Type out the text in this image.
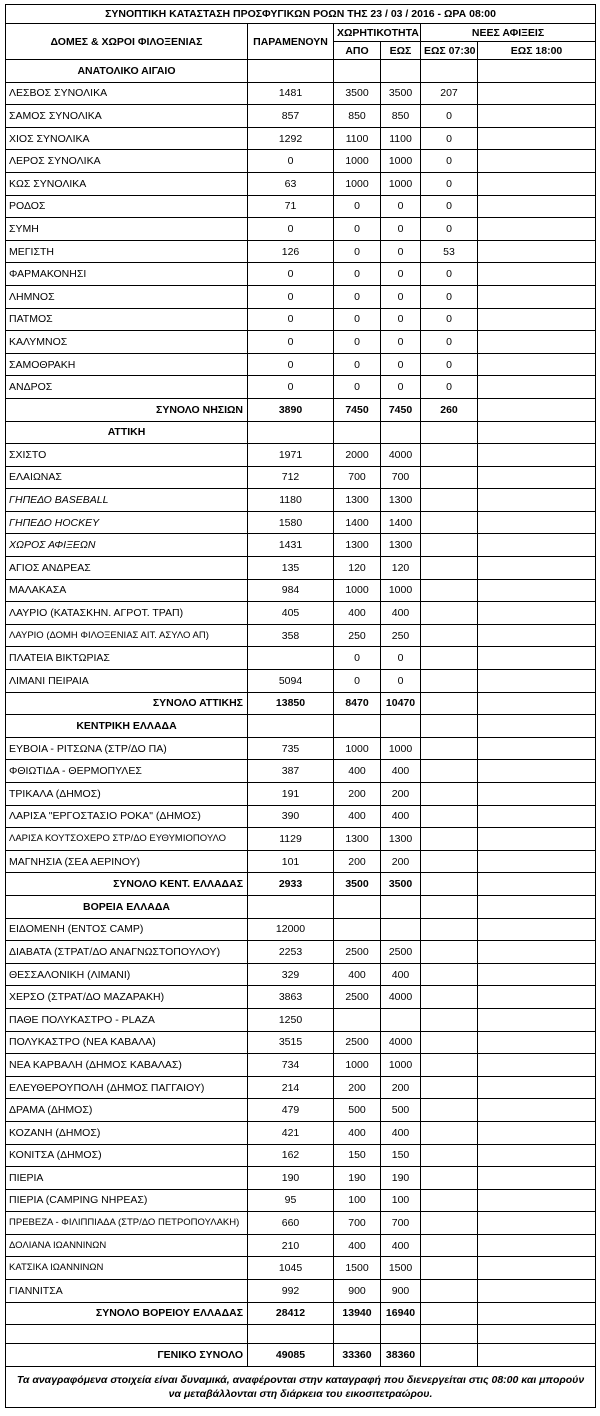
ΣΥΝΟΠΤΙΚΗ ΚΑΤΑΣΤΑΣΗ ΠΡΟΣΦΥΓΙΚΩΝ ΡΟΩΝ ΤΗΣ 23 / 03 / 2016 - ΩΡΑ 08:00					
ΔΟΜΕΣ & ΧΩΡΟΙ ΦΙΛΟΞΕΝΙΑΣ	ΠΑΡΑΜΕΝΟΥΝ	ΧΩΡΗΤΙΚΟΤΗΤΑ		ΝΕΕΣ ΑΦΙΞΕΙΣ	
		ΑΠΟ	ΕΩΣ	ΕΩΣ 07:30	ΕΩΣ 18:00
ΑΝΑΤΟΛΙΚΟ ΑΙΓΑΙΟ					
ΛΕΣΒΟΣ ΣΥΝΟΛΙΚΑ	1481	3500	3500	207	
ΣΑΜΟΣ ΣΥΝΟΛΙΚΑ	857	850	850	0	
ΧΙΟΣ ΣΥΝΟΛΙΚΑ	1292	1100	1100	0	
ΛΕΡΟΣ ΣΥΝΟΛΙΚΑ	0	1000	1000	0	
ΚΩΣ ΣΥΝΟΛΙΚΑ	63	1000	1000	0	
ΡΟΔΟΣ	71	0	0	0	
ΣΥΜΗ	0	0	0	0	
ΜΕΓΙΣΤΗ	126	0	0	53	
ΦΑΡΜΑΚΟΝΗΣΙ	0	0	0	0	
ΛΗΜΝΟΣ	0	0	0	0	
ΠΑΤΜΟΣ	0	0	0	0	
ΚΑΛΥΜΝΟΣ	0	0	0	0	
ΣΑΜΟΘΡΑΚΗ	0	0	0	0	
ΑΝΔΡΟΣ	0	0	0	0	
ΣΥΝΟΛΟ ΝΗΣΙΩΝ	3890	7450	7450	260	
ΑΤΤΙΚΗ					
ΣΧΙΣΤΟ	1971	2000	4000		
ΕΛΑΙΩΝΑΣ	712	700	700		
ΓΗΠΕΔΟ BASEBALL	1180	1300	1300		
ΓΗΠΕΔΟ HOCKEY	1580	1400	1400		
ΧΩΡΟΣ ΑΦΙΞΕΩΝ	1431	1300	1300		
ΑΓΙΟΣ ΑΝΔΡΕΑΣ	135	120	120		
ΜΑΛΑΚΑΣΑ	984	1000	1000		
ΛΑΥΡΙΟ (ΚΑΤΑΣΚΗΝ. ΑΓΡΟΤ. ΤΡΑΠ)	405	400	400		
ΛΑΥΡΙΟ (ΔΟΜΗ ΦΙΛΟΞΕΝΙΑΣ ΑΙΤ. ΑΣΥΛΟ ΑΠ)	358	250	250		
ΠΛΑΤΕΙΑ ΒΙΚΤΩΡΙΑΣ		0	0		
ΛΙΜΑΝΙ ΠΕΙΡΑΙΑ	5094	0	0		
ΣΥΝΟΛΟ ΑΤΤΙΚΗΣ	13850	8470	10470		
ΚΕΝΤΡΙΚΗ ΕΛΛΑΔΑ					
ΕΥΒΟΙΑ - ΡΙΤΣΩΝΑ (ΣΤΡ/ΔΟ ΠΑ)	735	1000	1000		
ΦΘΙΩΤΙΔΑ - ΘΕΡΜΟΠΥΛΕΣ	387	400	400		
ΤΡΙΚΑΛΑ (ΔΗΜΟΣ)	191	200	200		
ΛΑΡΙΣΑ "ΕΡΓΟΣΤΑΣΙΟ ΡΟΚΑ" (ΔΗΜΟΣ)	390	400	400		
ΛΑΡΙΣΑ ΚΟΥΤΣΟΧΕΡΟ ΣΤΡ/ΔΟ ΕΥΘΥΜΙΟΠΟΥΛΟ	1129	1300	1300		
ΜΑΓΝΗΣΙΑ (ΣΕΑ ΑΕΡΙΝΟΥ)	101	200	200		
ΣΥΝΟΛΟ ΚΕΝΤ. ΕΛΛΑΔΑΣ	2933	3500	3500		
ΒΟΡΕΙΑ ΕΛΛΑΔΑ					
ΕΙΔΟΜΕΝΗ (ΕΝΤΟΣ CAMP)	12000				
ΔΙΑΒΑΤΑ (ΣΤΡΑΤ/ΔΟ ΑΝΑΓΝΩΣΤΟΠΟΥΛΟΥ)	2253	2500	2500		
ΘΕΣΣΑΛΟΝΙΚΗ (ΛΙΜΑΝΙ)	329	400	400		
ΧΕΡΣΟ (ΣΤΡΑΤ/ΔΟ ΜΑΖΑΡΑΚΗ)	3863	2500	4000		
ΠΑΘΕ ΠΟΛΥΚΑΣΤΡΟ - PLAZA	1250				
ΠΟΛΥΚΑΣΤΡΟ (ΝΕΑ ΚΑΒΑΛΑ)	3515	2500	4000		
ΝΕΑ ΚΑΡΒΑΛΗ (ΔΗΜΟΣ ΚΑΒΑΛΑΣ)	734	1000	1000		
ΕΛΕΥΘΕΡΟΥΠΟΛΗ (ΔΗΜΟΣ ΠΑΓΓΑΙΟΥ)	214	200	200		
ΔΡΑΜΑ (ΔΗΜΟΣ)	479	500	500		
ΚΟΖΑΝΗ (ΔΗΜΟΣ)	421	400	400		
ΚΟΝΙΤΣΑ (ΔΗΜΟΣ)	162	150	150		
ΠΙΕΡΙΑ	190	190	190		
ΠΙΕΡΙΑ (CAMPING ΝΗΡΕΑΣ)	95	100	100		
ΠΡΕΒΕΖΑ - ΦΙΛΙΠΠΙΑΔΑ (ΣΤΡ/ΔΟ ΠΕΤΡΟΠΟΥΛΑΚΗ)	660	700	700		
ΔΟΛΙΑΝΑ ΙΩΑΝΝΙΝΩΝ	210	400	400		
ΚΑΤΣΙΚΑ ΙΩΑΝΝΙΝΩΝ	1045	1500	1500		
ΓΙΑΝΝΙΤΣΑ	992	900	900		
ΣΥΝΟΛΟ ΒΟΡΕΙΟΥ ΕΛΛΑΔΑΣ	28412	13940	16940		

ΓΕΝΙΚΟ ΣΥΝΟΛΟ	49085	33360	38360		
Τα αναγραφόμενα στοιχεία είναι δυναμικά, αναφέρονται στην καταγραφή που διενεργείται στις 08:00 και μπορούν να μεταβάλλονται στη διάρκεια του εικοσιτετραώρου.					
